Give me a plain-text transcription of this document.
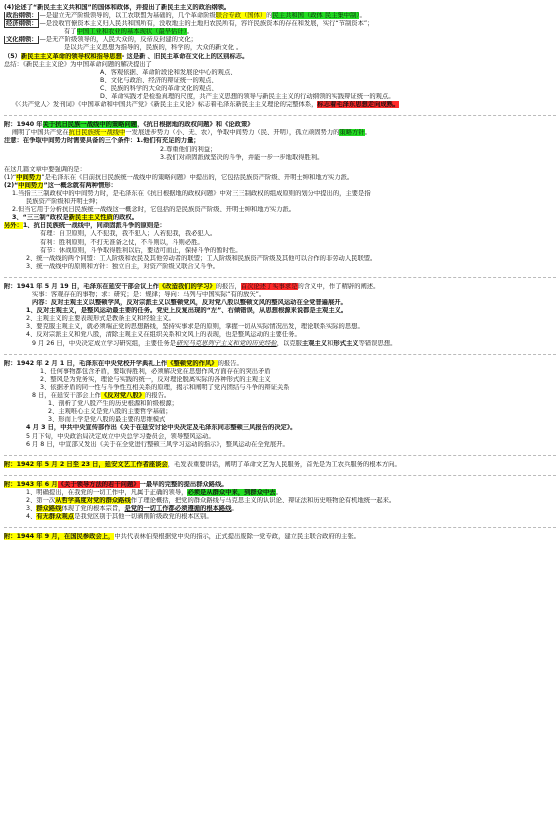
(4)论述了“新民主主义共和国”的国体和政体，并提出了新民主主义的政治纲领。
政治纲领： —是建立无产阶级领导的，以工农联盟为基础的，几个革命阶级联合专政（国体）的民主共和国（政体 民主集中制）。
经济纲领： —是没收官僚资本主义归人民共和国所有，没收地主的土地归农民所有，容许民族资本的存在和发展，实行“节制资本”；
有了中国工业和农业的基本现状（最早估计）。
文化纲领： —是无产阶级领导的，人民大众的，反帝反封建的文化；
是以共产主义思想为指导的，民族的，科学的，大众的新文化 。
（5）新民主主义革命的领导权和指导思想- 这是新 、旧民主革命在文化上的区别标志。
总结：《新民主主义论》为中国革命问题的解决提出了
A、客观依据、革命阶段论和发展论中心的观点、
B、文化与政治、经济的辩证统一的观点、
C、民族的科学的大众的革命文化的观点、
D、革命实践才是检验真理的尺度，共产主义思想的领导与新民主主义的行动纲领的实践辩证统一的观点。
《〈共产党人〉发刊词》《中国革命和中国共产党》《新民主主义论》标志着毛泽东新民主主义理论的完整体系，标志着毛泽东思想走向成熟。
附：1940 年关于抗日民族一战线中的策略问题，《抗日根据地的政权问题》和《论政策》
阐明了中国共产党在抗日民族统一战线中一发展进步势力（小、无、农），争取中间势力（民、开明），孤立顽固势力的策略方针。
注意：在争取中间势力时需要具备的三个条件：1.他们有充足的力量；
2.尊重他们的利益；
3.我们对顽固派做坚决的斗争，并能一步一步地取得胜利。
在这几篇文章中要强调的是：
(1)“中间势力”是毛泽东在《目前抗日民族统一战线中的策略问题》中提出的，它包括民族资产阶级、开明士绅和地方实力派。
(2)“中间势力”这一概念就有两种情形：
1.当指三三制政权中的中间势力时，是毛泽东在《抗日根据地的政权问题》中对三三制政权的组成原则的划分中提出的，主要是指
民族资产阶级和开明士绅；
2.但当它用于分析抗日民族统一战线这一概念时，它包括的是民族资产阶级、开明士绅和地方实力派。
3、“三三制”政权是新民主主义性质的政权。
另外：1、抗日民族统一战线中，同顽固派斗争的原则是：
有理：自卫原则，人不犯我，我不犯人；人若犯我，我必犯人。
有利：胜利原则，不打无准备之仗，不斗则以，斗则必胜。
有节：休战原则，斗争取得胜利以后，要适可而止，保持斗争的暂时性。
2、统一战线的两个同盟：工人阶级和农民及其他劳动者的联盟；工人阶级和民族资产阶级及其他可以合作的非劳动人民联盟。
3、统一战线中的原则和方针：独立自主，对资产阶级又联合又斗争。
附：1941 年 5 月 19 日，毛泽东在延安干部会议上作《改造我们的学习》的报告，首次论述了实事求是的含义中，作了精辟的阐述。
实事：客观存在的事物；求：研究；是：规律；导向：马列与中国实际“有的放矢”。
内容：反对主观主义以整顿学风，反对宗派主义以整顿党风，反对党八股以整顿文风的整风运动在全党普遍展开。
1、反对主观主义，是整风运动最主要的任务。党史上反复出现的“左”、右倾错误，从思想根源来说都是主观主义。
2、主观主义的主要表现形式是教条主义和经验主义。
3、要克服主观主义，就必须端正党的思想路线，坚持实事求是的原则，掌握一切从实际情况出发，理论联系实际的思想。
4、反对宗派主义和党八股，清除主观主义在组织关系和文风上的表现，也是整风运动的主要任务。
9 月 26 日，中央决定成立学习研究组，主要任务是研究马克思列宁主义和党的历史经验，以克服主观主义和形式主义等错误思想。
附：1942 年 2 月 1 日，毛泽东在中央党校开学典礼上作《整顿党的作风》的报告。
1、任何事物都包含矛盾，要取得胜利，必须解决党在思想作风方面存在的突出矛盾
2、整风是为党务实，理论与实践的统一，反对理论脱离实际的各种形式的主观主义
3、依据矛盾的同一性与斗争性互相关系的原理，揭示和阐明了党内团结与斗争的辩证关系
8 日，在延安干部会上作《反对党八股》的报告。
1、剖析了党八股产生的历史根源和阶级根源；
2、主观唯心主义是党八股的主要哲学基础；
3、形而上学是党八股的最主要的思维模式
4 月 3 日，中共中央宣传部作出《关于在延安讨论中央决定及毛泽东同志整顿三风报告的决定》。
5 月下旬，中央政治局决定成立中央总学习委员会，领导整风运动。
6 月 8 日，中宣部又发出《关于在全党进行整顿三风学习运动的指示》，整风运动在全党展开。
附：1942 年 5 月 2 日至 23 日，延安文艺工作者座谈会，毛发表重要讲话，阐明了革命文艺为人民服务，首先是为工农兵服务的根本方向。
附：1943 年 6 月《关于领导方法的若干问题》一最早的完整的提出群众路线。
1、明确提出，在我党的一切工作中，凡属于正确的领导，必须是从群众中来，到群众中去。
2、第一次从哲学高度对党的群众路线作了理论概括，把党的群众路线与马克思主义的认识论、辩证法和历史唯物论有机地统一起来。
3、群众路线体现了党的根本宗旨，是党的一切工作都必须遵循的根本路线。
4、有无群众观点是我党区别于其他一切剥削阶级政党的根本区别。
附：1944 年 9 月，在国民参政会上，中共代表林伯渠根据党中央的指示，正式提出废除一党专政，建立民主联合政府的主张。
